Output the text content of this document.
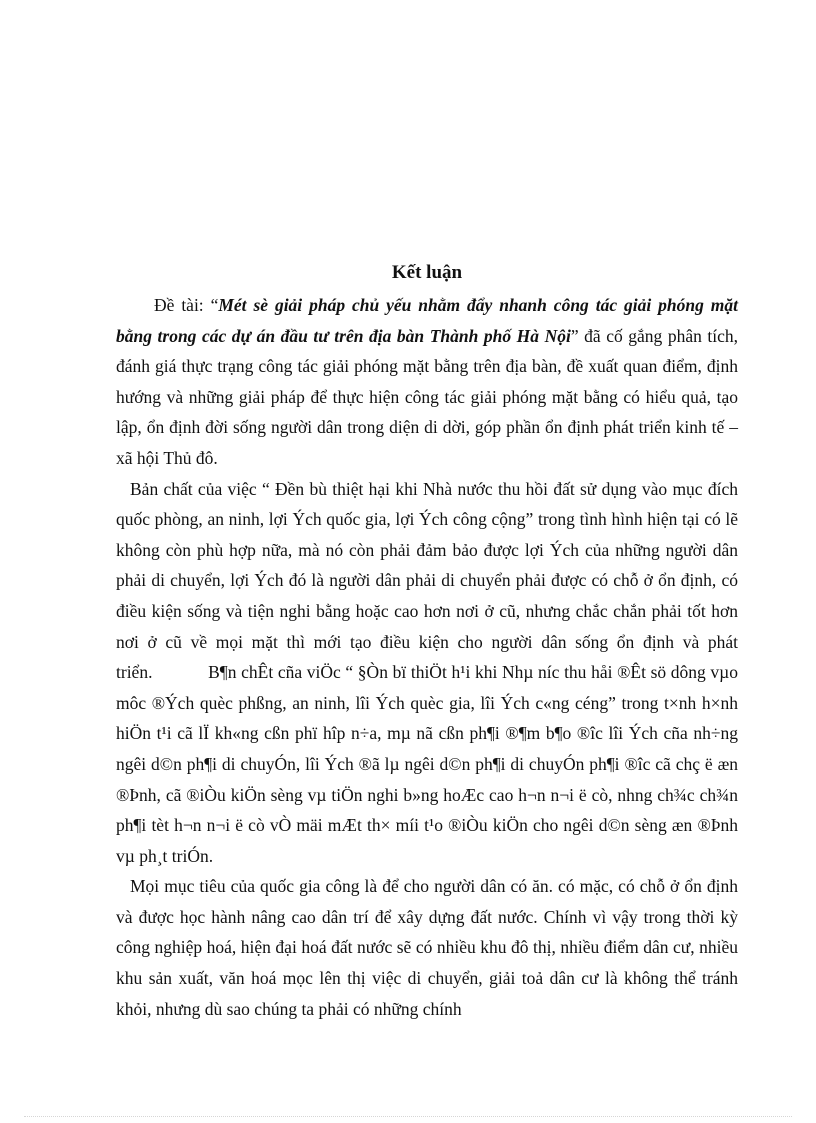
Kết luận

Đề tài: “Mét sè giải pháp chủ yếu nhằm đẩy nhanh công tác giải phóng mặt bằng trong các dự án đầu tư trên địa bàn Thành phố Hà Nội” đã cố gắng phân tích, đánh giá thực trạng công tác giải phóng mặt bằng trên địa bàn, đề xuất quan điểm, định hướng và những giải pháp để thực hiện công tác giải phóng mặt bằng có hiểu quả, tạo lập, ổn định đời sống người dân trong diện di dời, góp phần ổn định phát triển kinh tế – xã hội Thủ đô.

Bản chất của việc “ Đền bù thiệt hại khi Nhà nước thu hồi đất sử dụng vào mục đích quốc phòng, an ninh, lợi Ých quốc gia, lợi Ých công cộng” trong tình hình hiện tại có lẽ không còn phù hợp nữa, mà nó còn phải đảm bảo được lợi Ých của những người dân phải di chuyển, lợi Ých đó là người dân phải di chuyển phải được có chỗ ở ổn định, có điều kiện sống và tiện nghi bằng hoặc cao hơn nơi ở cũ, nhưng chắc chắn phải tốt hơn nơi ở cũ về mọi mặt thì mới tạo điều kiện cho người dân sống ổn định và phát triển.	B¶n chÊt cña viÖc “ §Òn bï thiÖt h¹i khi Nhµ níc thu håi ®Êt sö dông vµo môc ®Ých quèc phßng, an ninh, lîi Ých quèc gia, lîi Ých c«ng céng” trong t×nh h×nh hiÖn t¹i cã lÏ kh«ng cßn phï hîp n÷a, mµ nã cßn ph¶i ®¶m b¶o ®îc lîi Ých cña nh÷ng ngêi d©n ph¶i di chuyÓn, lîi Ých ®ã lµ ngêi d©n ph¶i di chuyÓn ph¶i ®îc cã chç ë æn ®Þnh, cã ®iÒu kiÖn sèng vµ tiÖn nghi b»ng hoÆc cao h¬n n¬i ë cò, nhng ch¾c ch¾n ph¶i tèt h¬n n¬i ë cò vÒ mäi mÆt th× míi t¹o ®iÒu kiÖn cho ngêi d©n sèng æn ®Þnh vµ ph¸t triÓn.

Mọi mục tiêu của quốc gia công là để cho người dân có ăn. có mặc, có chỗ ở ổn định và được học hành nâng cao dân trí để xây dựng đất nước. Chính vì vậy trong thời kỳ công nghiệp hoá, hiện đại hoá đất nước sẽ có nhiều khu đô thị, nhiều điểm dân cư, nhiều khu sản xuất, văn hoá mọc lên thị việc di chuyển, giải toả dân cư là không thể tránh khỏi, nhưng dù sao chúng ta phải có những chính
